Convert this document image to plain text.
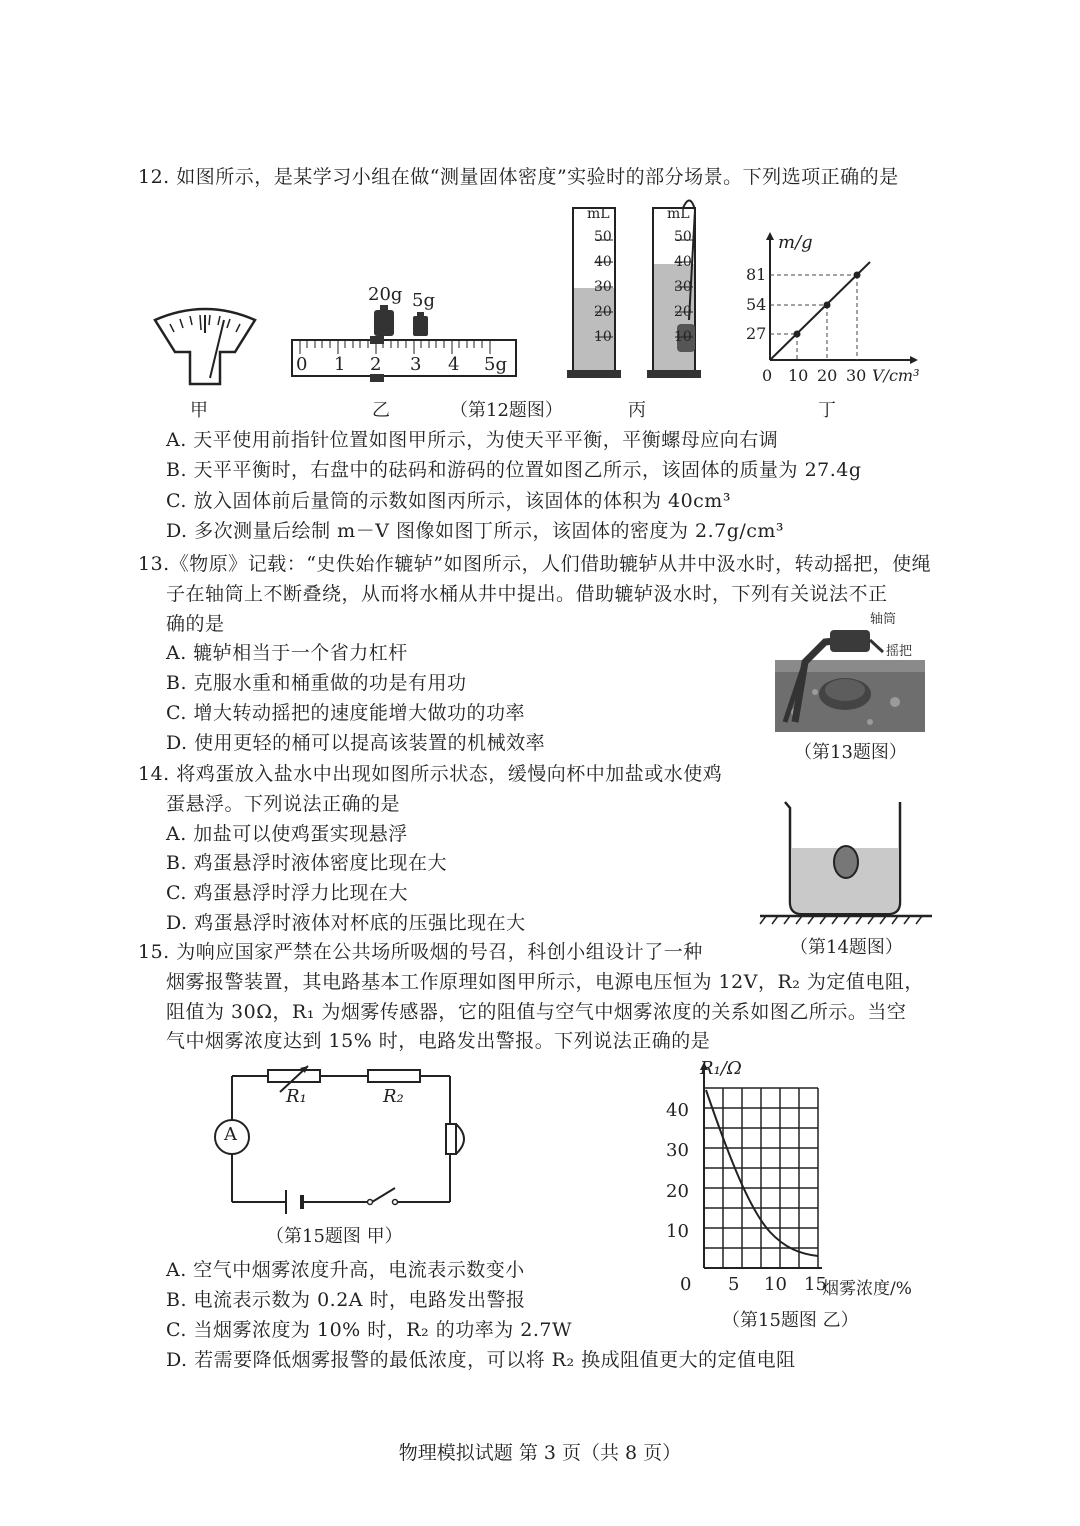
12. 如图所示，是某学习小组在做“测量固体密度”实验时的部分场景。下列选项正确的是
20g 5g
0 1 2 3 4 5g
mL
50
40
30
20
10
mL
50
40
30
20
10
m/g
81
54
27
0 10 20 30 V/cm³
甲	乙	（第12题图）	丙	丁
A. 天平使用前指针位置如图甲所示，为使天平平衡，平衡螺母应向右调
B. 天平平衡时，右盘中的砝码和游码的位置如图乙所示，该固体的质量为 27.4g
C. 放入固体前后量筒的示数如图丙所示，该固体的体积为 40cm³
D. 多次测量后绘制 m－V 图像如图丁所示，该固体的密度为 2.7g/cm³
13.《物原》记载：“史佚始作辘轳”如图所示，人们借助辘轳从井中汲水时，转动摇把，使绳
子在轴筒上不断叠绕，从而将水桶从井中提出。借助辘轳汲水时，下列有关说法不正
确的是
A. 辘轳相当于一个省力杠杆
B. 克服水重和桶重做的功是有用功
C. 增大转动摇把的速度能增大做功的功率
D. 使用更轻的桶可以提高该装置的机械效率
轴筒
摇把
（第13题图）
14. 将鸡蛋放入盐水中出现如图所示状态，缓慢向杯中加盐或水使鸡
蛋悬浮。下列说法正确的是
A. 加盐可以使鸡蛋实现悬浮
B. 鸡蛋悬浮时液体密度比现在大
C. 鸡蛋悬浮时浮力比现在大
D. 鸡蛋悬浮时液体对杯底的压强比现在大
（第14题图）
15. 为响应国家严禁在公共场所吸烟的号召，科创小组设计了一种
烟雾报警装置，其电路基本工作原理如图甲所示，电源电压恒为 12V，R₂ 为定值电阻，
阻值为 30Ω，R₁ 为烟雾传感器，它的阻值与空气中烟雾浓度的关系如图乙所示。当空
气中烟雾浓度达到 15% 时，电路发出警报。下列说法正确的是
A
R₁	R₂
（第15题图 甲）
A. 空气中烟雾浓度升高，电流表示数变小
B. 电流表示数为 0.2A 时，电路发出警报
C. 当烟雾浓度为 10% 时，R₂ 的功率为 2.7W
D. 若需要降低烟雾报警的最低浓度，可以将 R₂ 换成阻值更大的定值电阻
R₁/Ω
40
30
20
10
0 5 10 15
烟雾浓度/%
（第15题图 乙）
物理模拟试题 第 3 页（共 8 页）
